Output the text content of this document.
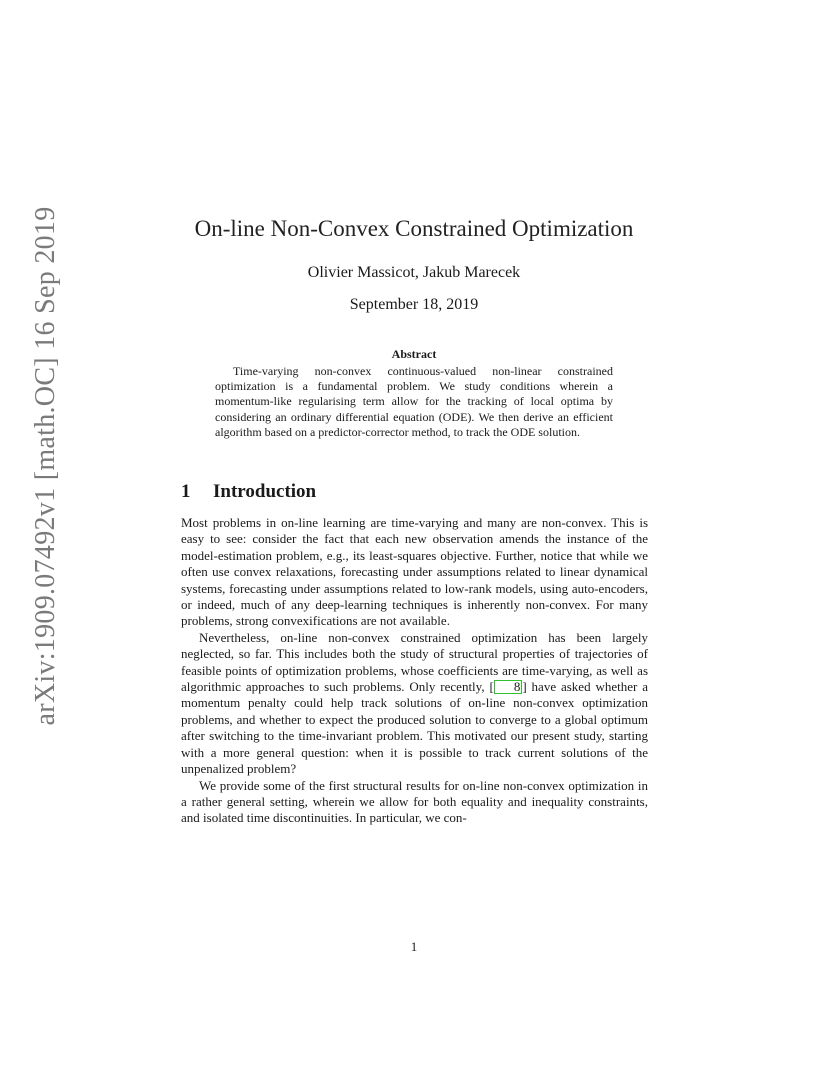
arXiv:1909.07492v1 [math.OC] 16 Sep 2019	On-line Non-Convex Constrained Optimization
Olivier Massicot, Jakub Marecek
September 18, 2019
Abstract
Time-varying non-convex continuous-valued non-linear constrained optimization is a fundamental problem. We study conditions wherein a momentum-like regularising term allow for the tracking of local optima by considering an ordinary differential equation (ODE). We then derive an efficient algorithm based on a predictor-corrector method, to track the ODE solution.
1 Introduction

Most problems in on-line learning are time-varying and many are non-convex. This is easy to see: consider the fact that each new observation amends the instance of the model-estimation problem, e.g., its least-squares objective. Further, notice that while we often use convex relaxations, forecasting under assumptions related to linear dynamical systems, forecasting under assumptions related to low-rank models, using auto-encoders, or indeed, much of any deep-learning techniques is inherently non-convex. For many problems, strong convexifications are not available.

Nevertheless, on-line non-convex constrained optimization has been largely neglected, so far. This includes both the study of structural properties of trajectories of feasible points of optimization problems, whose coefficients are time-varying, as well as algorithmic approaches to such problems. Only recently, [ 8 ] have asked whether a momentum penalty could help track solutions of on-line non-convex optimization problems, and whether to expect the produced solution to converge to a global optimum after switching to the time-invariant problem. This motivated our present study, starting with a more general question: when it is possible to track current solutions of the unpenalized problem?

We provide some of the first structural results for on-line non-convex optimization in a rather general setting, wherein we allow for both equality and inequality constraints, and isolated time discontinuities. In particular, we con-

1
